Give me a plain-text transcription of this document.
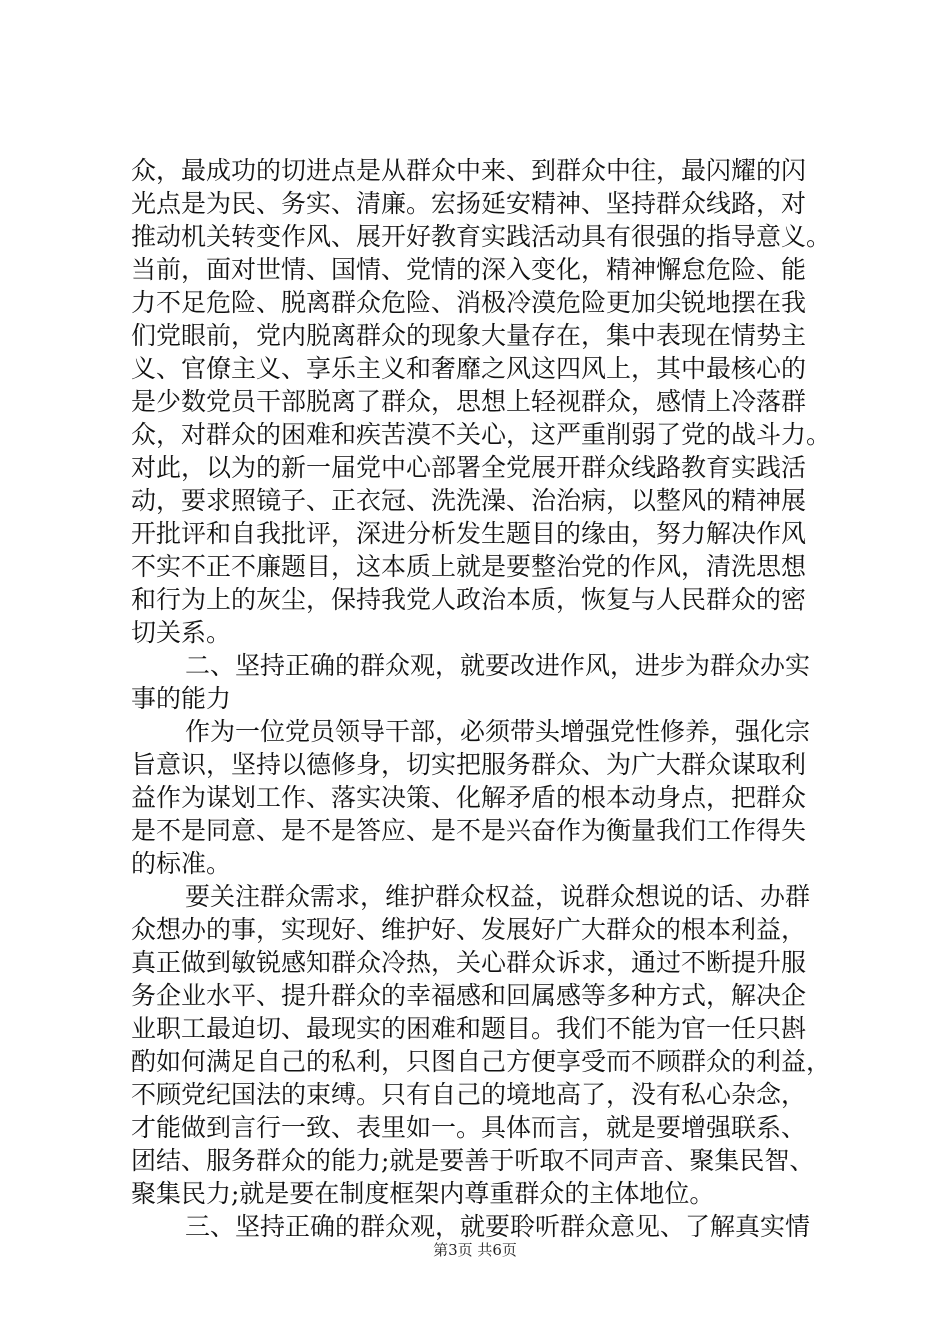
众，最成功的切进点是从群众中来、到群众中往，最闪耀的闪
光点是为民、务实、清廉。宏扬延安精神、坚持群众线路，对
推动机关转变作风、展开好教育实践活动具有很强的指导意义。
当前，面对世情、国情、党情的深入变化，精神懈怠危险、能
力不足危险、脱离群众危险、消极冷漠危险更加尖锐地摆在我
们党眼前，党内脱离群众的现象大量存在，集中表现在情势主
义、官僚主义、享乐主义和奢靡之风这四风上，其中最核心的
是少数党员干部脱离了群众，思想上轻视群众，感情上冷落群
众，对群众的困难和疾苦漠不关心，这严重削弱了党的战斗力。
对此，以为的新一届党中心部署全党展开群众线路教育实践活
动，要求照镜子、正衣冠、洗洗澡、治治病，以整风的精神展
开批评和自我批评，深进分析发生题目的缘由，努力解决作风
不实不正不廉题目，这本质上就是要整治党的作风，清洗思想
和行为上的灰尘，保持我党人政治本质，恢复与人民群众的密
切关系。
二、坚持正确的群众观，就要改进作风，进步为群众办实
事的能力
作为一位党员领导干部，必须带头增强党性修养，强化宗
旨意识，坚持以德修身，切实把服务群众、为广大群众谋取利
益作为谋划工作、落实决策、化解矛盾的根本动身点，把群众
是不是同意、是不是答应、是不是兴奋作为衡量我们工作得失
的标准。
要关注群众需求，维护群众权益，说群众想说的话、办群
众想办的事，实现好、维护好、发展好广大群众的根本利益，
真正做到敏锐感知群众冷热，关心群众诉求，通过不断提升服
务企业水平、提升群众的幸福感和回属感等多种方式，解决企
业职工最迫切、最现实的困难和题目。我们不能为官一任只斟
酌如何满足自己的私利，只图自己方便享受而不顾群众的利益，
不顾党纪国法的束缚。只有自己的境地高了，没有私心杂念，
才能做到言行一致、表里如一。具体而言，就是要增强联系、
团结、服务群众的能力;就是要善于听取不同声音、聚集民智、
聚集民力;就是要在制度框架内尊重群众的主体地位。
三、坚持正确的群众观，就要聆听群众意见、了解真实情
第3页 共6页
